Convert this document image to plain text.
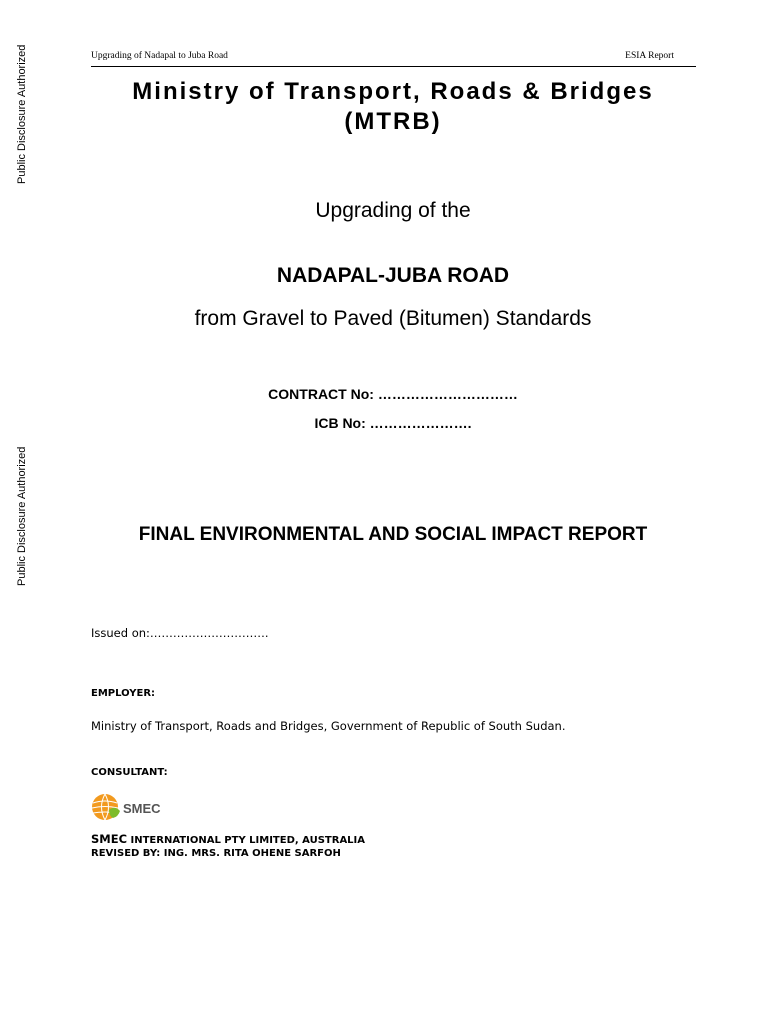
Public Disclosure Authorized
Public Disclosure Authorized
Upgrading of Nadapal to Juba Road	ESIA Report
Ministry of Transport, Roads & Bridges
(MTRB)
Upgrading of the
NADAPAL-JUBA ROAD
from Gravel to Paved (Bitumen) Standards
CONTRACT No: …………………………
ICB No: ………………….
FINAL ENVIRONMENTAL AND SOCIAL IMPACT REPORT
Issued on:………………………….
EMPLOYER:
Ministry of Transport, Roads and Bridges, Government of Republic of South Sudan.
CONSULTANT:
SMEC
SMEC INTERNATIONAL PTY LIMITED, AUSTRALIA
REVISED BY: ING. MRS. RITA OHENE SARFOH
